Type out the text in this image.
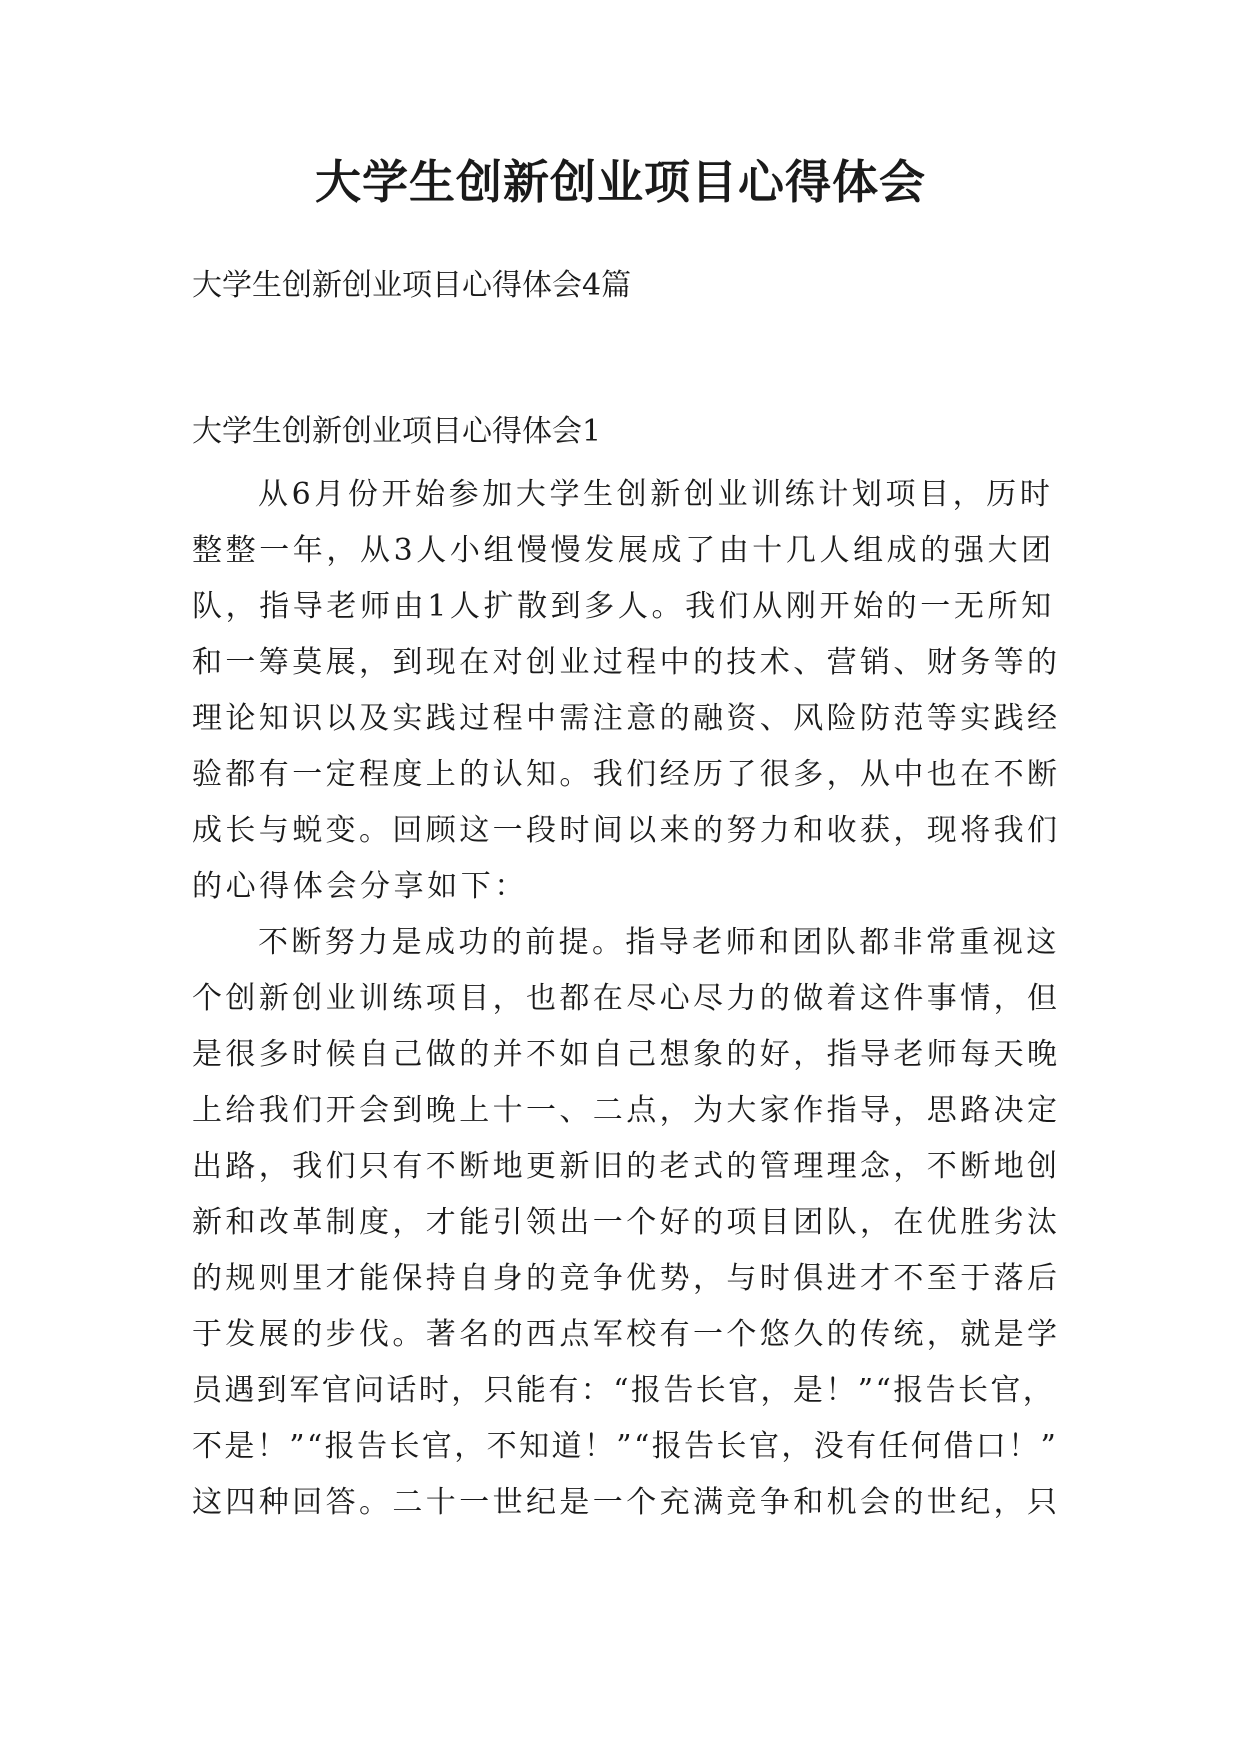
大学生创新创业项目心得体会

大学生创新创业项目心得体会4篇

大学生创新创业项目心得体会1

从6月份开始参加大学生创新创业训练计划项目，历时
整整一年，从3人小组慢慢发展成了由十几人组成的强大团
队，指导老师由1人扩散到多人。我们从刚开始的一无所知
和一筹莫展，到现在对创业过程中的技术、营销、财务等的
理论知识以及实践过程中需注意的融资、风险防范等实践经
验都有一定程度上的认知。我们经历了很多，从中也在不断
成长与蜕变。回顾这一段时间以来的努力和收获，现将我们
的心得体会分享如下：

不断努力是成功的前提。指导老师和团队都非常重视这
个创新创业训练项目，也都在尽心尽力的做着这件事情，但
是很多时候自己做的并不如自己想象的好，指导老师每天晚
上给我们开会到晚上十一、二点，为大家作指导，思路决定
出路，我们只有不断地更新旧的老式的管理理念，不断地创
新和改革制度，才能引领出一个好的项目团队，在优胜劣汰
的规则里才能保持自身的竞争优势，与时俱进才不至于落后
于发展的步伐。著名的西点军校有一个悠久的传统，就是学
员遇到军官问话时，只能有：“报告长官，是！”“报告长官，
不是！”“报告长官，不知道！”“报告长官，没有任何借口！”
这四种回答。二十一世纪是一个充满竞争和机会的世纪，只
